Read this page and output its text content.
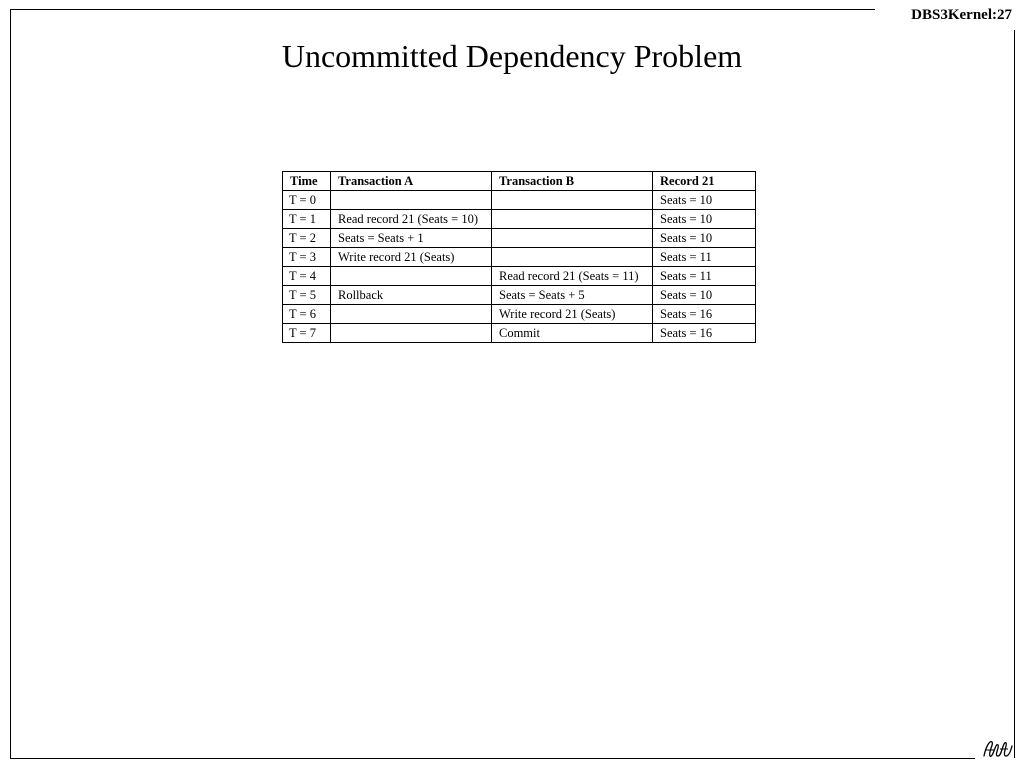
DBS3Kernel:27
Uncommitted Dependency Problem
Time	Transaction A	Transaction B	Record 21
T = 0			Seats = 10
T = 1	Read record 21 (Seats = 10)		Seats = 10
T = 2	Seats = Seats + 1		Seats = 10
T = 3	Write record 21 (Seats)		Seats = 11
T = 4		Read record 21 (Seats = 11)	Seats = 11
T = 5	Rollback	Seats = Seats + 5	Seats = 10
T = 6		Write record 21 (Seats)	Seats = 16
T = 7		Commit	Seats = 16
